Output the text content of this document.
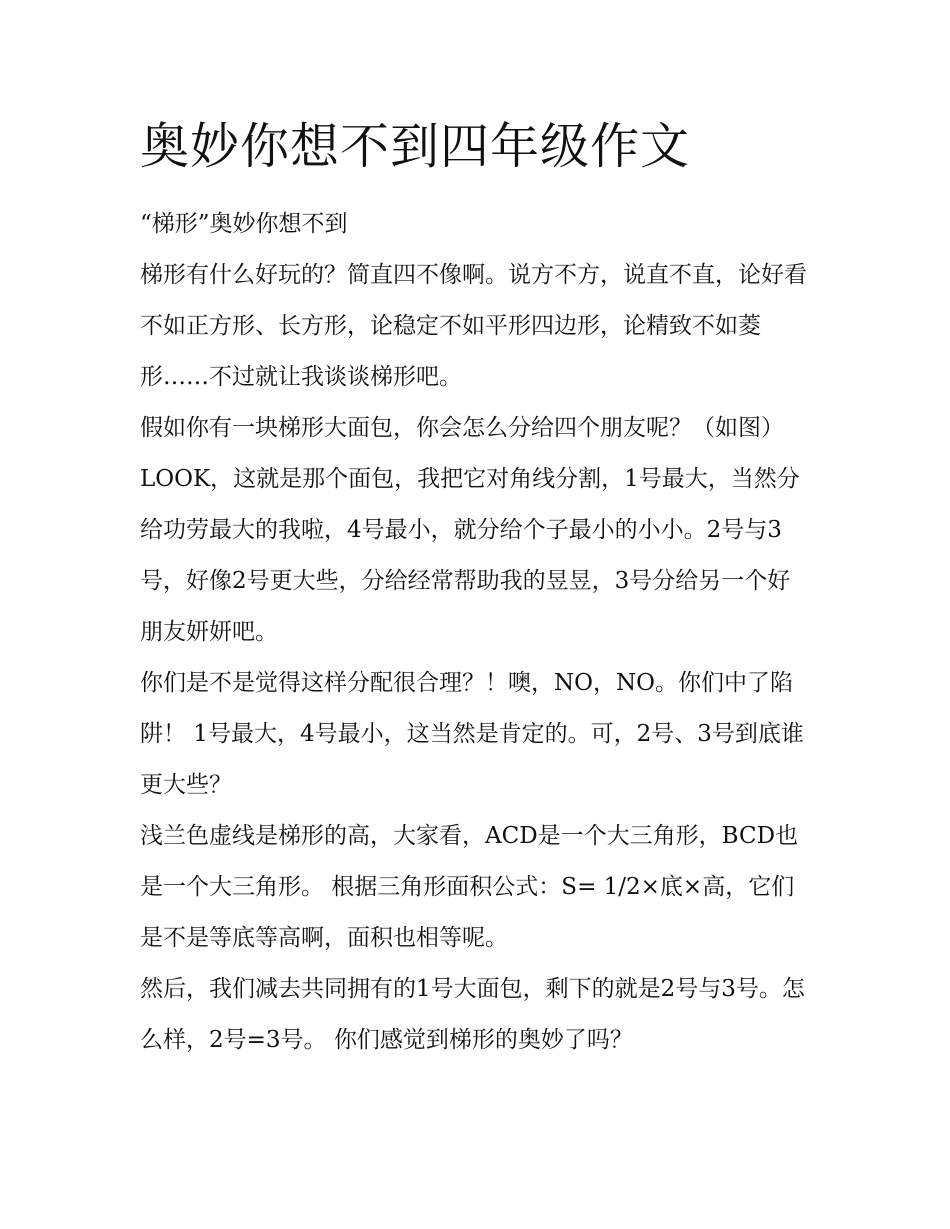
奥妙你想不到四年级作文

“梯形”奥妙你想不到

梯形有什么好玩的？简直四不像啊。说方不方，说直不直，论好看不如正方形、长方形，论稳定不如平形四边形，论精致不如菱形……不过就让我谈谈梯形吧。

假如你有一块梯形大面包，你会怎么分给四个朋友呢？（如图）

LOOK，这就是那个面包，我把它对角线分割，1号最大，当然分给功劳最大的我啦，4号最小，就分给个子最小的小小。2号与3号，好像2号更大些，分给经常帮助我的昱昱，3号分给另一个好朋友妍妍吧。

你们是不是觉得这样分配很合理？！噢，NO，NO。你们中了陷阱！ 1号最大，4号最小，这当然是肯定的。可，2号、3号到底谁更大些？

浅兰色虚线是梯形的高，大家看，ACD是一个大三角形，BCD也是一个大三角形。 根据三角形面积公式：S= 1/2×底×高，它们是不是等底等高啊，面积也相等呢。

然后，我们减去共同拥有的1号大面包，剩下的就是2号与3号。怎么样，2号=3号。 你们感觉到梯形的奥妙了吗？
